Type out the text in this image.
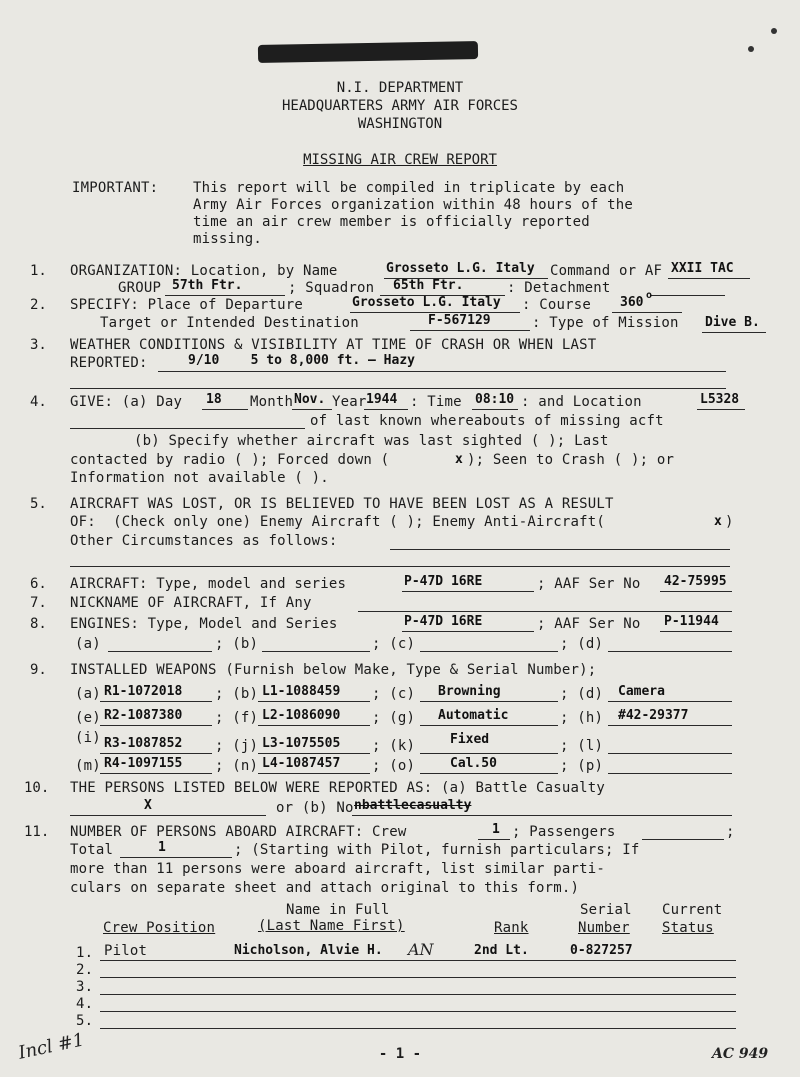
N.I. DEPARTMENT
HEADQUARTERS ARMY AIR FORCES
WASHINGTON
MISSING AIR CREW REPORT
IMPORTANT: This report will be compiled in triplicate by each
Army Air Forces organization within 48 hours of the
time an air crew member is officially reported
missing.
1. ORGANIZATION: Location, by Name	Grosseto L.G. Italy Command or AF XXII TAC
GROUP 57th Ftr.	; Squadron 65th Ftr.	: Detachment
2. SPECIFY: Place of Departure	Grosseto L.G. Italy : Course 360 o
Target or Intended Destination	F-567129	: Type of Mission Dive B.
3. WEATHER CONDITIONS & VISIBILITY AT TIME OF CRASH OR WHEN LAST
REPORTED:	9/10    5 to 8,000 ft. — Hazy
4. GIVE: (a) Day 18 Month Nov. Year 1944 : Time 08:10 : and Location	L5328
of last known whereabouts of missing acft
(b) Specify whether aircraft was last sighted ( ); Last
contacted by radio ( ); Forced down (	x ); Seen to Crash ( ); or
Information not available ( ).
5. AIRCRAFT WAS LOST, OR IS BELIEVED TO HAVE BEEN LOST AS A RESULT
OF:  (Check only one) Enemy Aircraft ( ); Enemy Anti-Aircraft(	x )
Other Circumstances as follows:
6. AIRCRAFT: Type, model and series	P-47D 16RE	; AAF Ser No 42-75995
7. NICKNAME OF AIRCRAFT, If Any
8. ENGINES: Type, Model and Series	P-47D 16RE	; AAF Ser No P-11944
(a)	; (b)	; (c)	; (d)
9. INSTALLED WEAPONS (Furnish below Make, Type & Serial Number);
(a) R1-1072018 ; (b) L1-1088459 ; (c) Browning	; (d) Camera
(e) R2-1087380 ; (f) L2-1086090 ; (g) Automatic	; (h) #42-29377
(i) R3-1087852 ; (j) L3-1075505 ; (k)	Fixed	; (l)
(m) R4-1097155 ; (n) L4-1087457 ; (o)	Cal.50	; (p)
10. THE PERSONS LISTED BELOW WERE REPORTED AS: (a) Battle Casualty
X	or (b) No nbattlecasualty
11. NUMBER OF PERSONS ABOARD AIRCRAFT: Crew	1 ; Passengers	;
Total	1	; (Starting with Pilot, furnish particulars; If
more than 11 persons were aboard aircraft, list similar parti-
culars on separate sheet and attach original to this form.)
Name in Full	Serial Current
Crew Position	(Last Name First)	Rank	Number Status
1. Pilot	Nicholson, Alvie H. AN	2nd Lt.	0-827257
2.
3.
4.
5.
- 1 -
Incl #1	AC 949
